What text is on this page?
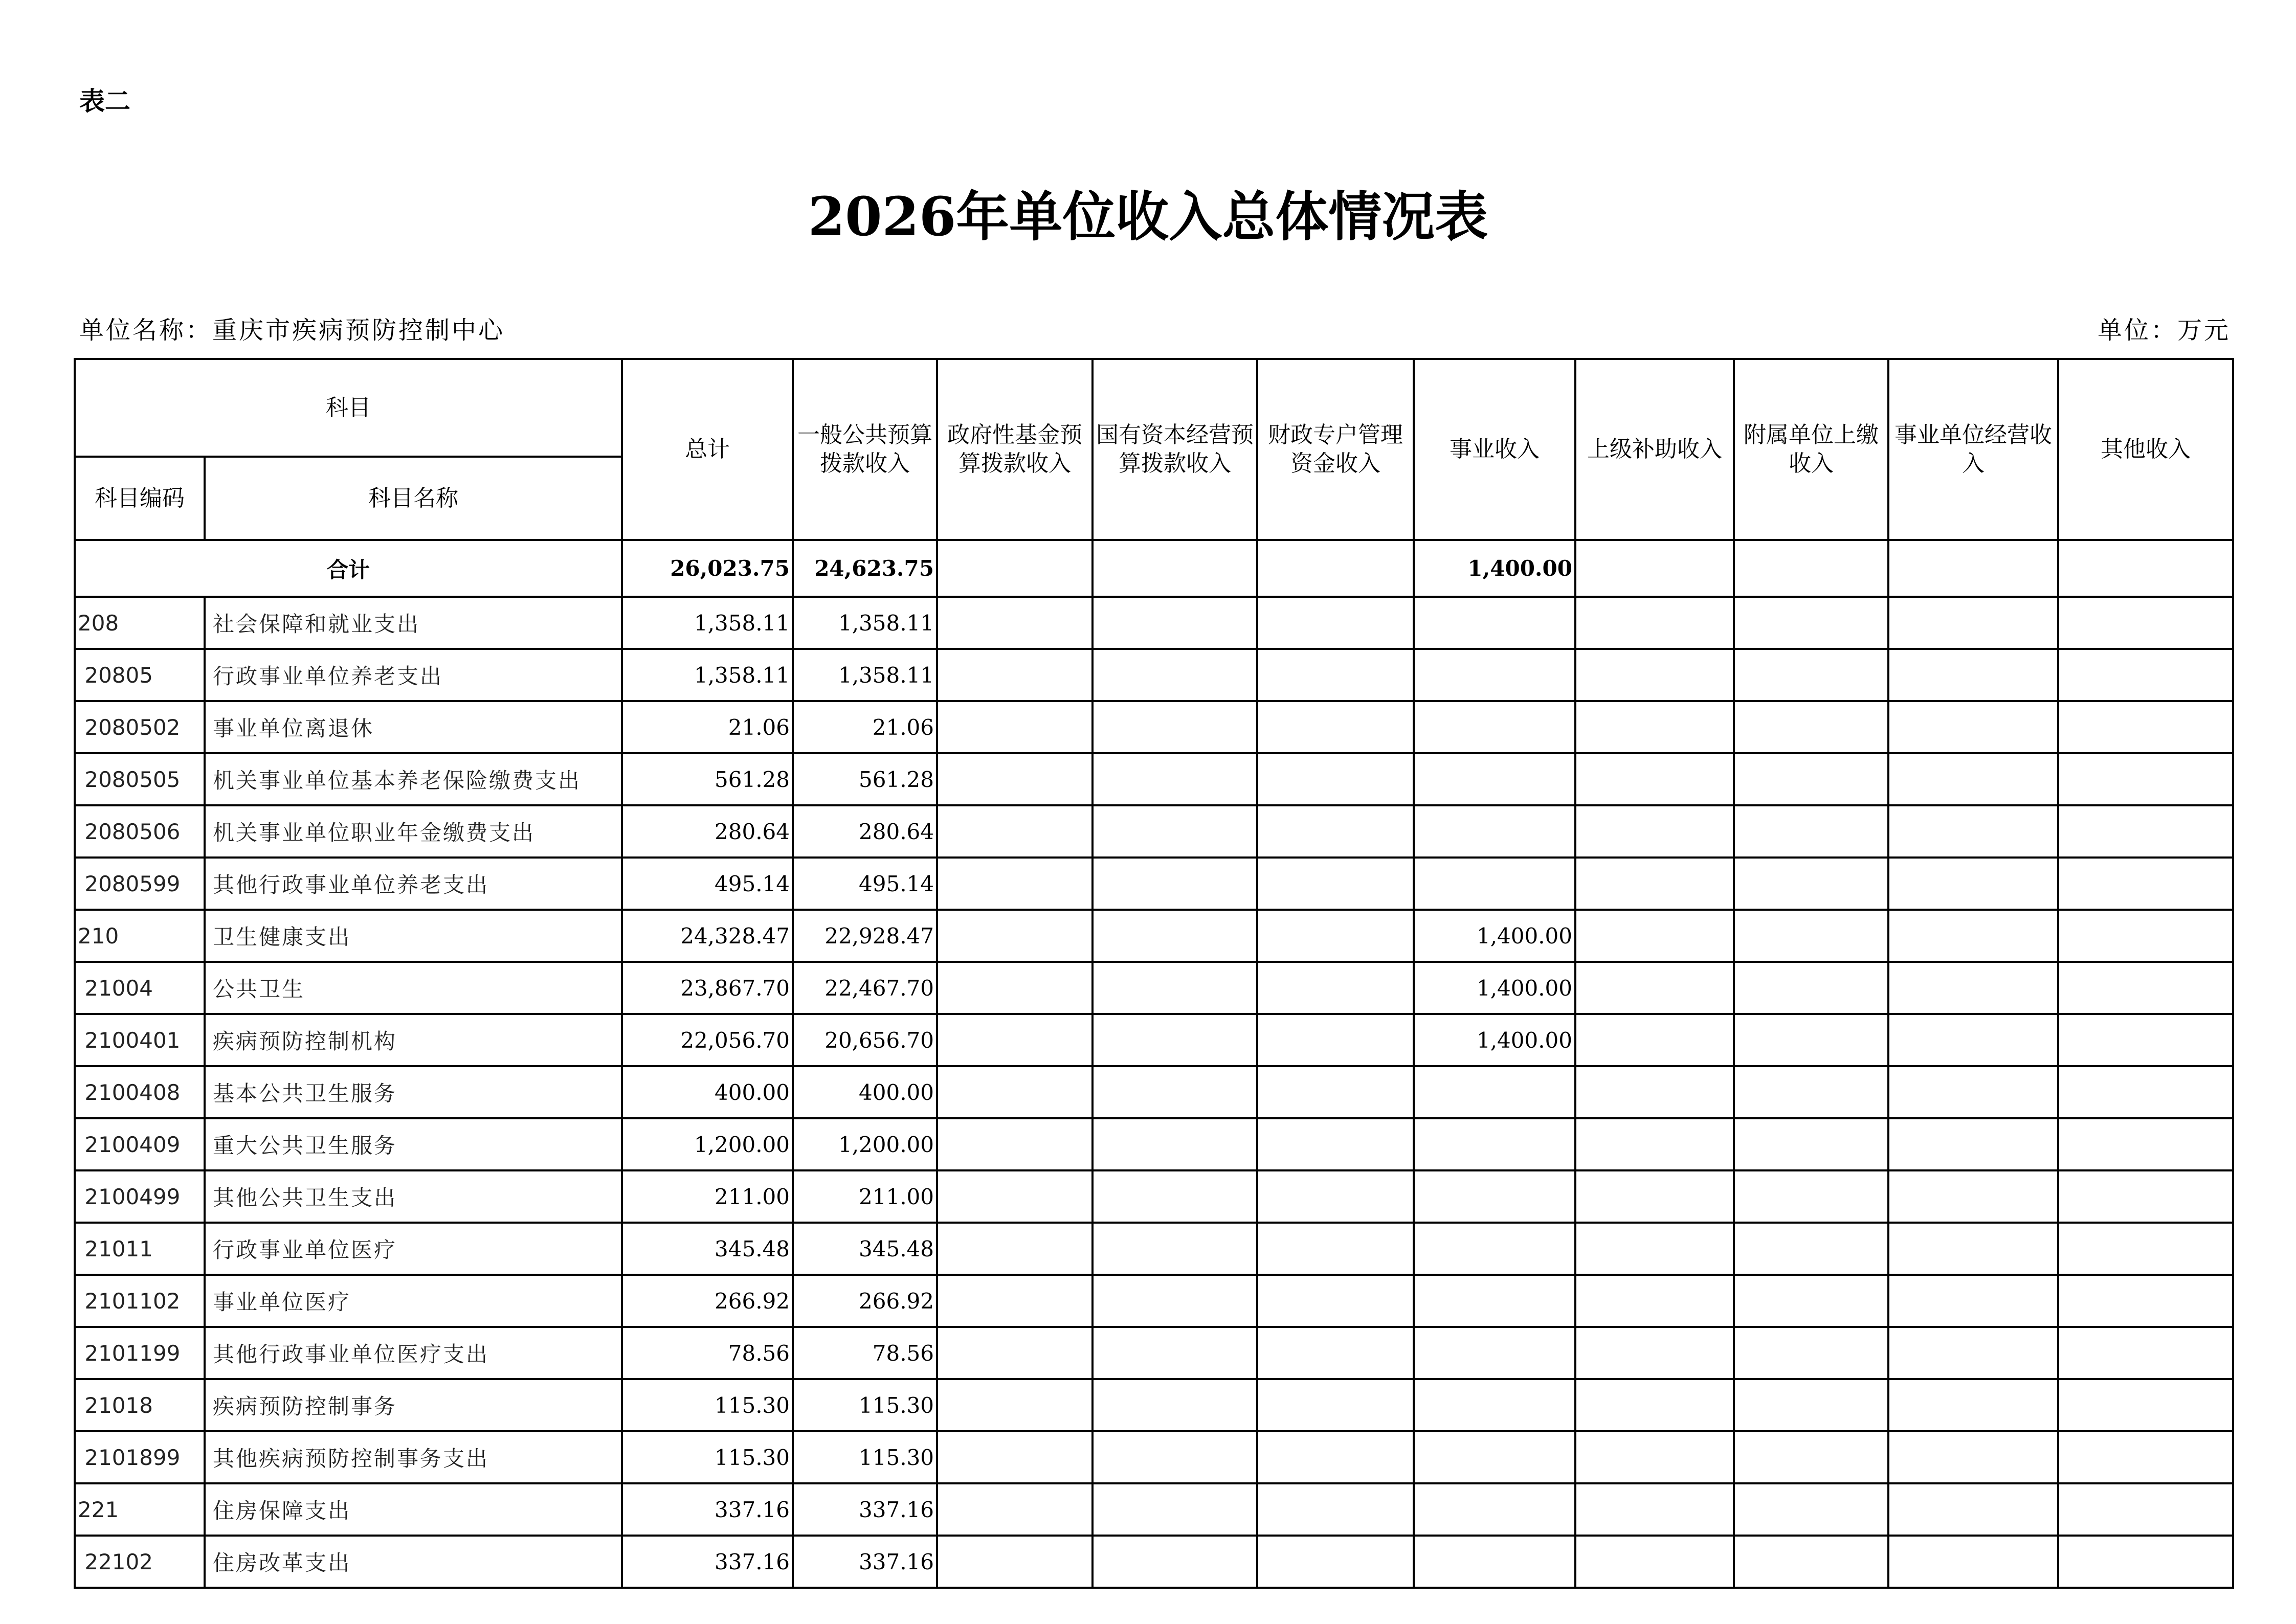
表二
2026年单位收入总体情况表
单位名称：重庆市疾病预防控制中心	单位：万元
科目		总计	一般公共预算拨款收入	政府性基金预算拨款收入	国有资本经营预算拨款收入	财政专户管理资金收入	事业收入	上级补助收入	附属单位上缴收入	事业单位经营收入	其他收入
科目编码	科目名称										
合计		26,023.75	24,623.75				1,400.00				
208	社会保障和就业支出	1,358.11	1,358.11								
20805	行政事业单位养老支出	1,358.11	1,358.11								
2080502	事业单位离退休	21.06	21.06								
2080505	机关事业单位基本养老保险缴费支出	561.28	561.28								
2080506	机关事业单位职业年金缴费支出	280.64	280.64								
2080599	其他行政事业单位养老支出	495.14	495.14								
210	卫生健康支出	24,328.47	22,928.47				1,400.00				
21004	公共卫生	23,867.70	22,467.70				1,400.00				
2100401	疾病预防控制机构	22,056.70	20,656.70				1,400.00				
2100408	基本公共卫生服务	400.00	400.00								
2100409	重大公共卫生服务	1,200.00	1,200.00								
2100499	其他公共卫生支出	211.00	211.00								
21011	行政事业单位医疗	345.48	345.48								
2101102	事业单位医疗	266.92	266.92								
2101199	其他行政事业单位医疗支出	78.56	78.56								
21018	疾病预防控制事务	115.30	115.30								
2101899	其他疾病预防控制事务支出	115.30	115.30								
221	住房保障支出	337.16	337.16								
22102	住房改革支出	337.16	337.16								
